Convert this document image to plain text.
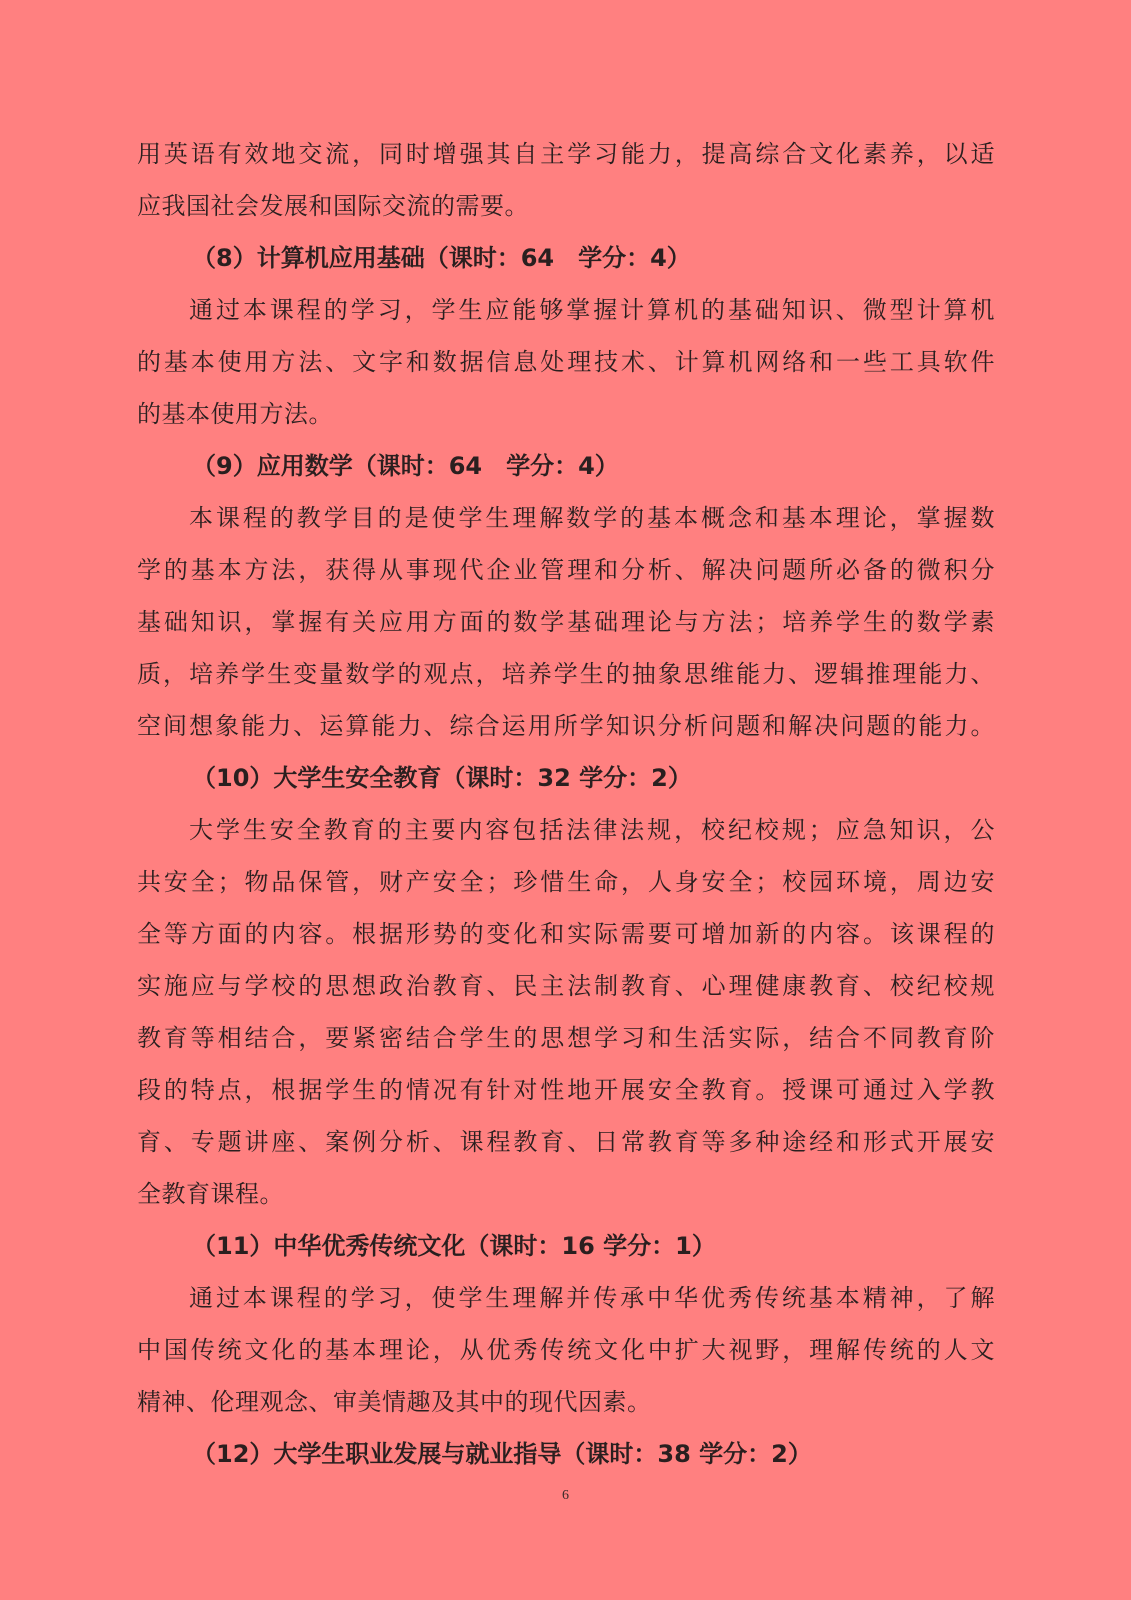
用英语有效地交流，同时增强其自主学习能力，提高综合文化素养，以适
应我国社会发展和国际交流的需要。
（8）计算机应用基础（课时：64　学分：4）
通过本课程的学习，学生应能够掌握计算机的基础知识、微型计算机
的基本使用方法、文字和数据信息处理技术、计算机网络和一些工具软件
的基本使用方法。
（9）应用数学（课时：64　学分：4）
本课程的教学目的是使学生理解数学的基本概念和基本理论，掌握数
学的基本方法，获得从事现代企业管理和分析、解决问题所必备的微积分
基础知识，掌握有关应用方面的数学基础理论与方法；培养学生的数学素
质，培养学生变量数学的观点，培养学生的抽象思维能力、逻辑推理能力、
空间想象能力、运算能力、综合运用所学知识分析问题和解决问题的能力。
（10）大学生安全教育（课时：32 学分：2）
大学生安全教育的主要内容包括法律法规，校纪校规；应急知识，公
共安全；物品保管，财产安全；珍惜生命，人身安全；校园环境，周边安
全等方面的内容。根据形势的变化和实际需要可增加新的内容。该课程的
实施应与学校的思想政治教育、民主法制教育、心理健康教育、校纪校规
教育等相结合，要紧密结合学生的思想学习和生活实际，结合不同教育阶
段的特点，根据学生的情况有针对性地开展安全教育。授课可通过入学教
育、专题讲座、案例分析、课程教育、日常教育等多种途经和形式开展安
全教育课程。
（11）中华优秀传统文化（课时：16 学分：1）
通过本课程的学习，使学生理解并传承中华优秀传统基本精神，了解
中国传统文化的基本理论，从优秀传统文化中扩大视野，理解传统的人文
精神、伦理观念、审美情趣及其中的现代因素。
（12）大学生职业发展与就业指导（课时：38 学分：2）
6
